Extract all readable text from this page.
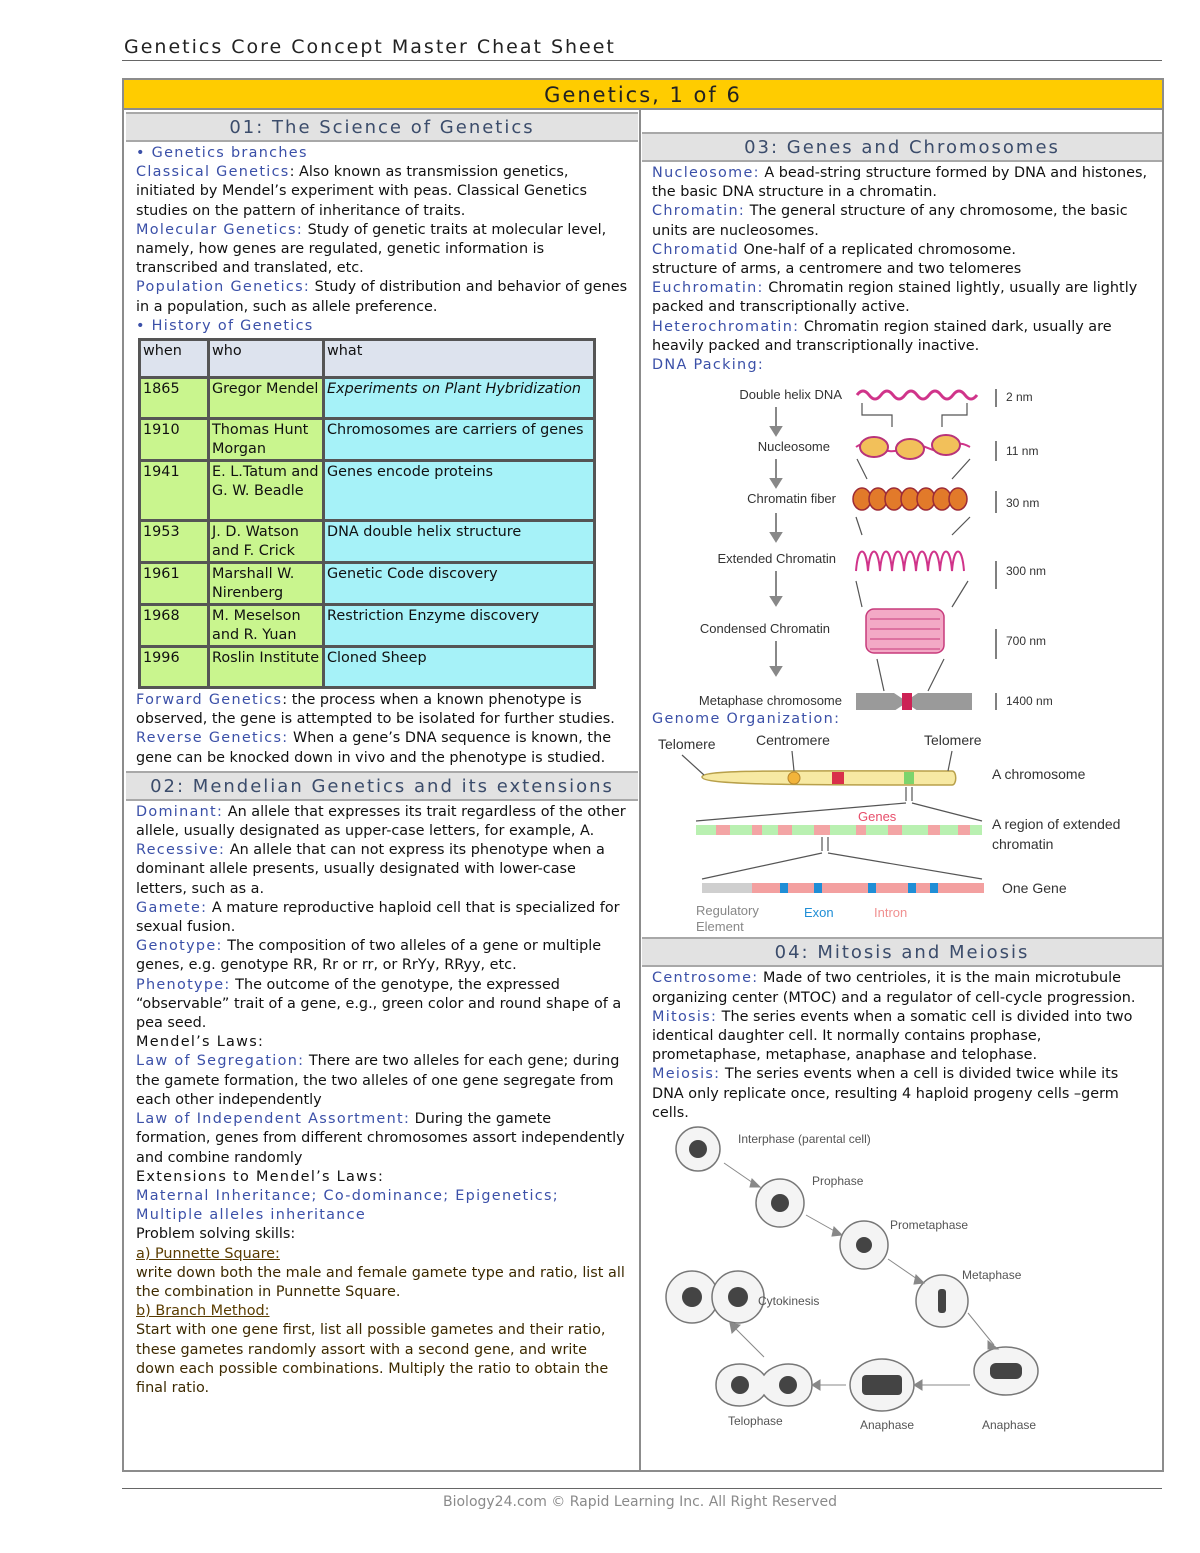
Genetics Core Concept Master Cheat Sheet
Genetics, 1 of 6
01: The Science of Genetics
• Genetics branches
Classical Genetics: Also known as transmission genetics, initiated by Mendel’s experiment with peas. Classical Genetics studies on the pattern of inheritance of traits.
Molecular Genetics: Study of genetic traits at molecular level, namely, how genes are regulated, genetic information is transcribed and translated, etc.
Population Genetics: Study of distribution and behavior of genes in a population, such as allele preference.
• History of Genetics
when	who	what
1865	Gregor Mendel	Experiments on Plant Hybridization
1910	Thomas Hunt Morgan	Chromosomes are carriers of genes
1941	E. L.Tatum and G. W. Beadle	Genes encode proteins
1953	J. D. Watson and F. Crick	DNA double helix structure
1961	Marshall W. Nirenberg	Genetic Code discovery
1968	M. Meselson and R. Yuan	Restriction Enzyme discovery
1996	Roslin Institute	Cloned Sheep
Forward Genetics: the process when a known phenotype is observed, the gene is attempted to be isolated for further studies.
Reverse Genetics: When a gene’s DNA sequence is known, the gene can be knocked down in vivo and the phenotype is studied.
02: Mendelian Genetics and its extensions
Dominant: An allele that expresses its trait regardless of the other allele, usually designated as upper-case letters, for example, A.
Recessive: An allele that can not express its phenotype when a dominant allele presents, usually designated with lower-case letters, such as a.
Gamete: A mature reproductive haploid cell that is specialized for sexual fusion.
Genotype: The composition of two alleles of a gene or multiple genes, e.g. genotype RR, Rr or rr, or RrYy, RRyy, etc.
Phenotype: The outcome of the genotype, the expressed “observable” trait of a gene, e.g., green color and round shape of a pea seed.
Mendel’s Laws:
Law of Segregation: There are two alleles for each gene; during the gamete formation, the two alleles of one gene segregate from each other independently
Law of Independent Assortment: During the gamete formation, genes from different chromosomes assort independently and combine randomly
Extensions to Mendel’s Laws:
Maternal Inheritance; Co-dominance; Epigenetics;
Multiple alleles inheritance
Problem solving skills:
a) Punnette Square:
write down both the male and female gamete type and ratio, list all the combination in Punnette Square.
b) Branch Method:
Start with one gene first, list all possible gametes and their ratio, these gametes randomly assort with a second gene, and write down each possible combinations. Multiply the ratio to obtain the final ratio.
03: Genes and Chromosomes
Nucleosome: A bead-string structure formed by DNA and histones, the basic DNA structure in a chromatin.
Chromatin: The general structure of any chromosome, the basic units are nucleosomes.
Chromatid One-half of a replicated chromosome.
structure of arms, a centromere and two telomeres
Euchromatin: Chromatin region stained lightly, usually are lightly packed and transcriptionally active.
Heterochromatin: Chromatin region stained dark, usually are heavily packed and transcriptionally inactive.
DNA Packing:
Double helix DNA
Nucleosome
Chromatin fiber
Extended Chromatin
Condensed Chromatin
Metaphase chromosome
2 nm
11 nm
30 nm
300 nm
700 nm
1400 nm
Genome Organization:
Telomere	Centromere	Telomere
A chromosome
A region of extended
chromatin
One Gene
Genes
Regulatory
Element
Exon	Intron
04: Mitosis and Meiosis
Centrosome: Made of two centrioles, it is the main microtubule organizing center (MTOC) and a regulator of cell-cycle progression.
Mitosis: The series events when a somatic cell is divided into two identical daughter cell. It normally contains prophase, prometaphase, metaphase, anaphase and telophase.
Meiosis: The series events when a cell is divided twice while its DNA only replicate once, resulting 4 haploid progeny cells –germ cells.
Interphase (parental cell)
Prophase
Prometaphase
Metaphase
Cytokinesis
Telophase	Anaphase	Anaphase
Biology24.com © Rapid Learning Inc. All Right Reserved
